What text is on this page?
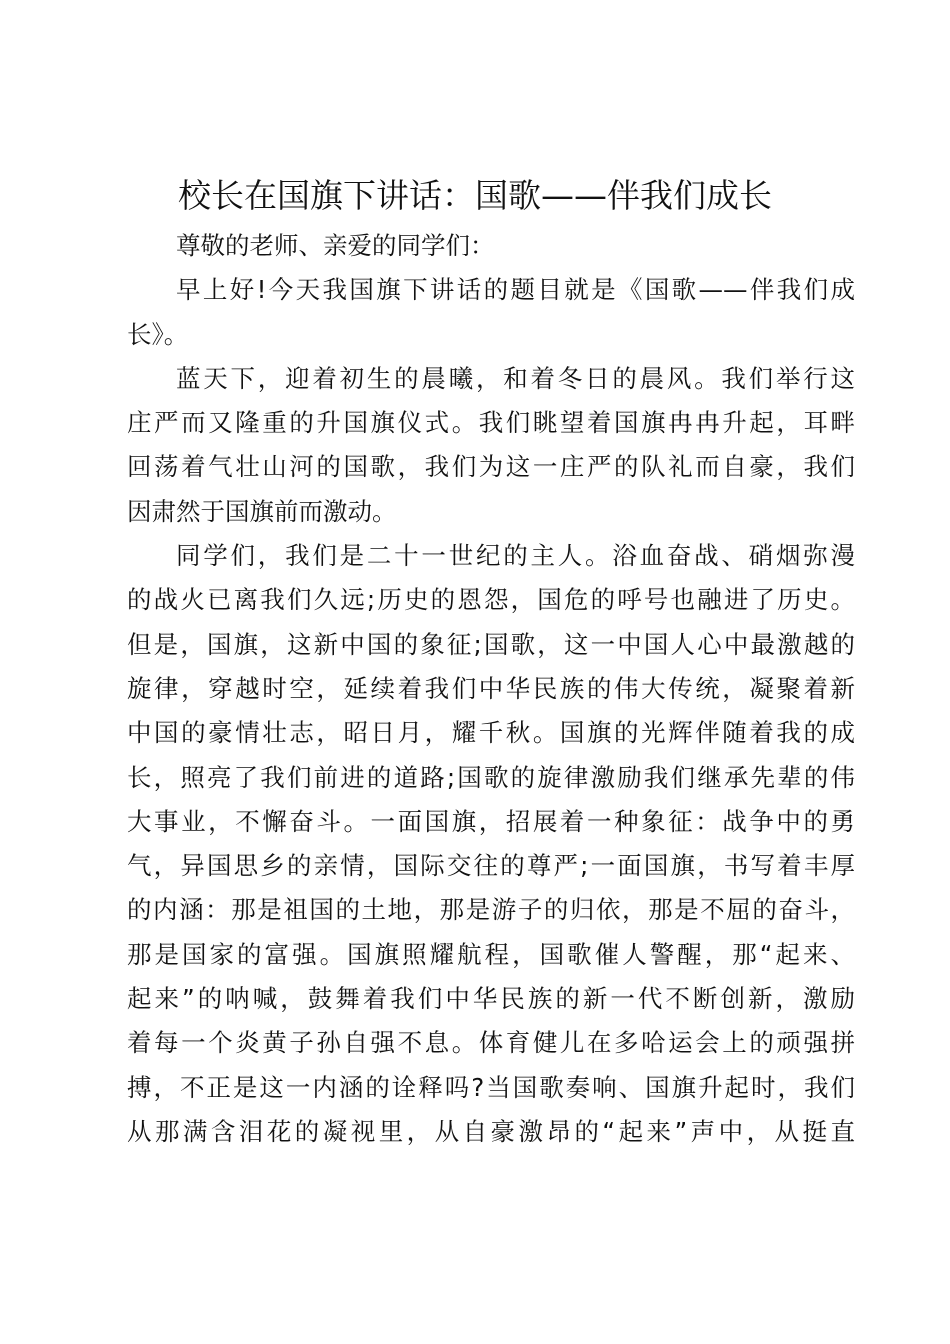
校长在国旗下讲话：国歌——伴我们成长
尊敬的老师、亲爱的同学们：
早上好!今天我国旗下讲话的题目就是《国歌——伴我们成
长》。
蓝天下，迎着初生的晨曦，和着冬日的晨风。我们举行这
庄严而又隆重的升国旗仪式。我们眺望着国旗冉冉升起，耳畔
回荡着气壮山河的国歌，我们为这一庄严的队礼而自豪，我们
因肃然于国旗前而激动。
同学们，我们是二十一世纪的主人。浴血奋战、硝烟弥漫
的战火已离我们久远;历史的恩怨，国危的呼号也融进了历史。
但是，国旗，这新中国的象征;国歌，这一中国人心中最激越的
旋律，穿越时空，延续着我们中华民族的伟大传统，凝聚着新
中国的豪情壮志，昭日月，耀千秋。国旗的光辉伴随着我的成
长，照亮了我们前进的道路;国歌的旋律激励我们继承先辈的伟
大事业，不懈奋斗。一面国旗，招展着一种象征：战争中的勇
气，异国思乡的亲情，国际交往的尊严;一面国旗，书写着丰厚
的内涵：那是祖国的土地，那是游子的归依，那是不屈的奋斗，
那是国家的富强。国旗照耀航程，国歌催人警醒，那“起来、
起来”的呐喊，鼓舞着我们中华民族的新一代不断创新，激励
着每一个炎黄子孙自强不息。体育健儿在多哈运会上的顽强拼
搏，不正是这一内涵的诠释吗?当国歌奏响、国旗升起时，我们
从那满含泪花的凝视里，从自豪激昂的“起来”声中，从挺直
